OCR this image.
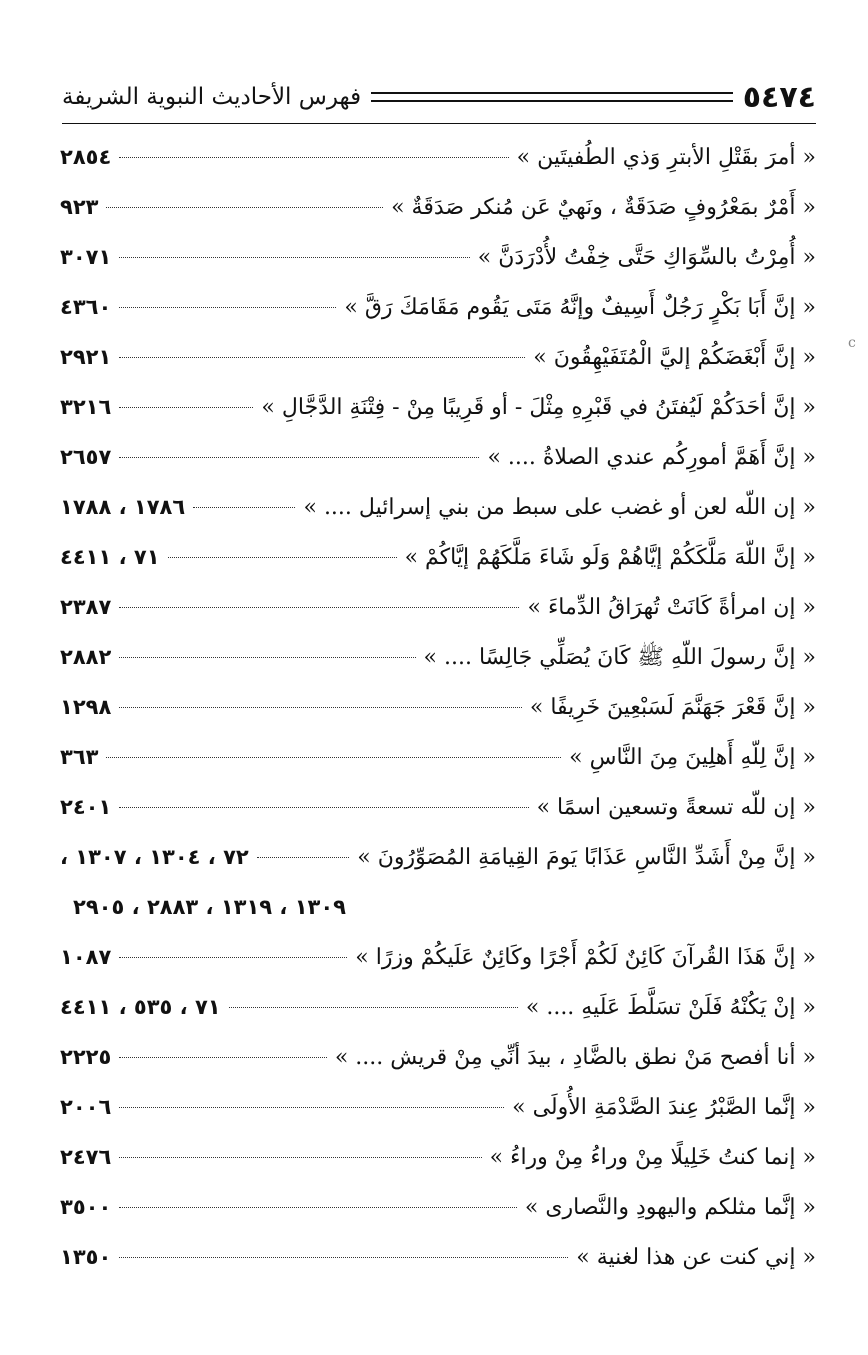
٥٤٧٤
فهرس الأحاديث النبوية الشريفة
« أمرَ بقَتْلِ الأبترِ وَذي الطُفيتَين »
٢٨٥٤
« أَمْرٌ بمَعْرُوفٍ صَدَقَةٌ ، ونَهيٌ عَن مُنكر صَدَقَةٌ »
٩٢٣
« أُمِرْتُ بالسِّوَاكِ حَتَّى خِفْتُ لأُدْرَدَنَّ »
٣٠٧١
« إنَّ أَبَا بَكْرٍ رَجُلٌ أَسِيفٌ وإنَّهُ مَتَى يَقُوم مَقَامَكَ رَقَّ »
٤٣٦٠
« إنَّ أَبْغَضَكُمْ إليَّ الْمُتَفَيْهِقُونَ »
٢٩٢١
« إنَّ أحَدَكُمْ لَيُفتَنُ في قَبْرِهِ مِثْلَ - أو قَرِيبًا مِنْ - فِتْنَةِ الدَّجَّالِ »
٣٢١٦
« إنَّ أَهَمَّ أمورِكُم عندي الصلاةُ .... »
٢٦٥٧
« إن اللّه لعن أو غضب على سبط من بني إسرائيل .... »
١٧٨٦ ، ١٧٨٨
« إنَّ اللّهَ مَلَّكَكُمْ إيَّاهُمْ وَلَو شَاءَ مَلَّكَهُمْ إيَّاكُمْ »
٧١ ، ٤٤١١
« إن امرأةً كَانَتْ تُهرَاقُ الدِّماءَ »
٢٣٨٧
« إنَّ رسولَ اللّهِ ﷺ كَانَ يُصَلِّي جَالِسًا .... »
٢٨٨٢
« إنَّ قَعْرَ جَهَنَّمَ لَسَبْعِينَ خَرِيفًا »
١٢٩٨
« إنَّ لِلّهِ أَهلِينَ مِنَ النَّاسِ »
٣٦٣
« إن للّه تسعةً وتسعين اسمًا »
٢٤٠١
« إنَّ مِنْ أَشَدِّ النَّاسِ عَذَابًا يَومَ القِيامَةِ المُصَوِّرُونَ »
٧٢ ، ١٣٠٤ ، ١٣٠٧ ،
١٣٠٩ ، ١٣١٩ ، ٢٨٨٣ ، ٢٩٠٥
« إنَّ هَذَا القُرآنَ كَائِنٌ لَكُمْ أَجْرًا وكَائِنٌ عَلَيكُمْ وزرًا »
١٠٨٧
« إنْ يَكُنْهُ فَلَنْ تسَلَّطَ عَلَيهِ .... »
٧١ ، ٥٣٥ ، ٤٤١١
« أنا أفصح مَنْ نطق بالضَّادِ ، بيدَ أنِّي مِنْ قريش .... »
٢٢٢٥
« إنَّما الصَّبْرُ عِندَ الصَّدْمَةِ الأُولَى »
٢٠٠٦
« إنما كنتُ خَلِيلًا مِنْ وراءُ مِنْ وراءُ »
٢٤٧٦
« إنَّما مثلكم واليهودِ والنَّصارى »
٣٥٠٠
« إني كنت عن هذا لغنية »
١٣٥٠
c
